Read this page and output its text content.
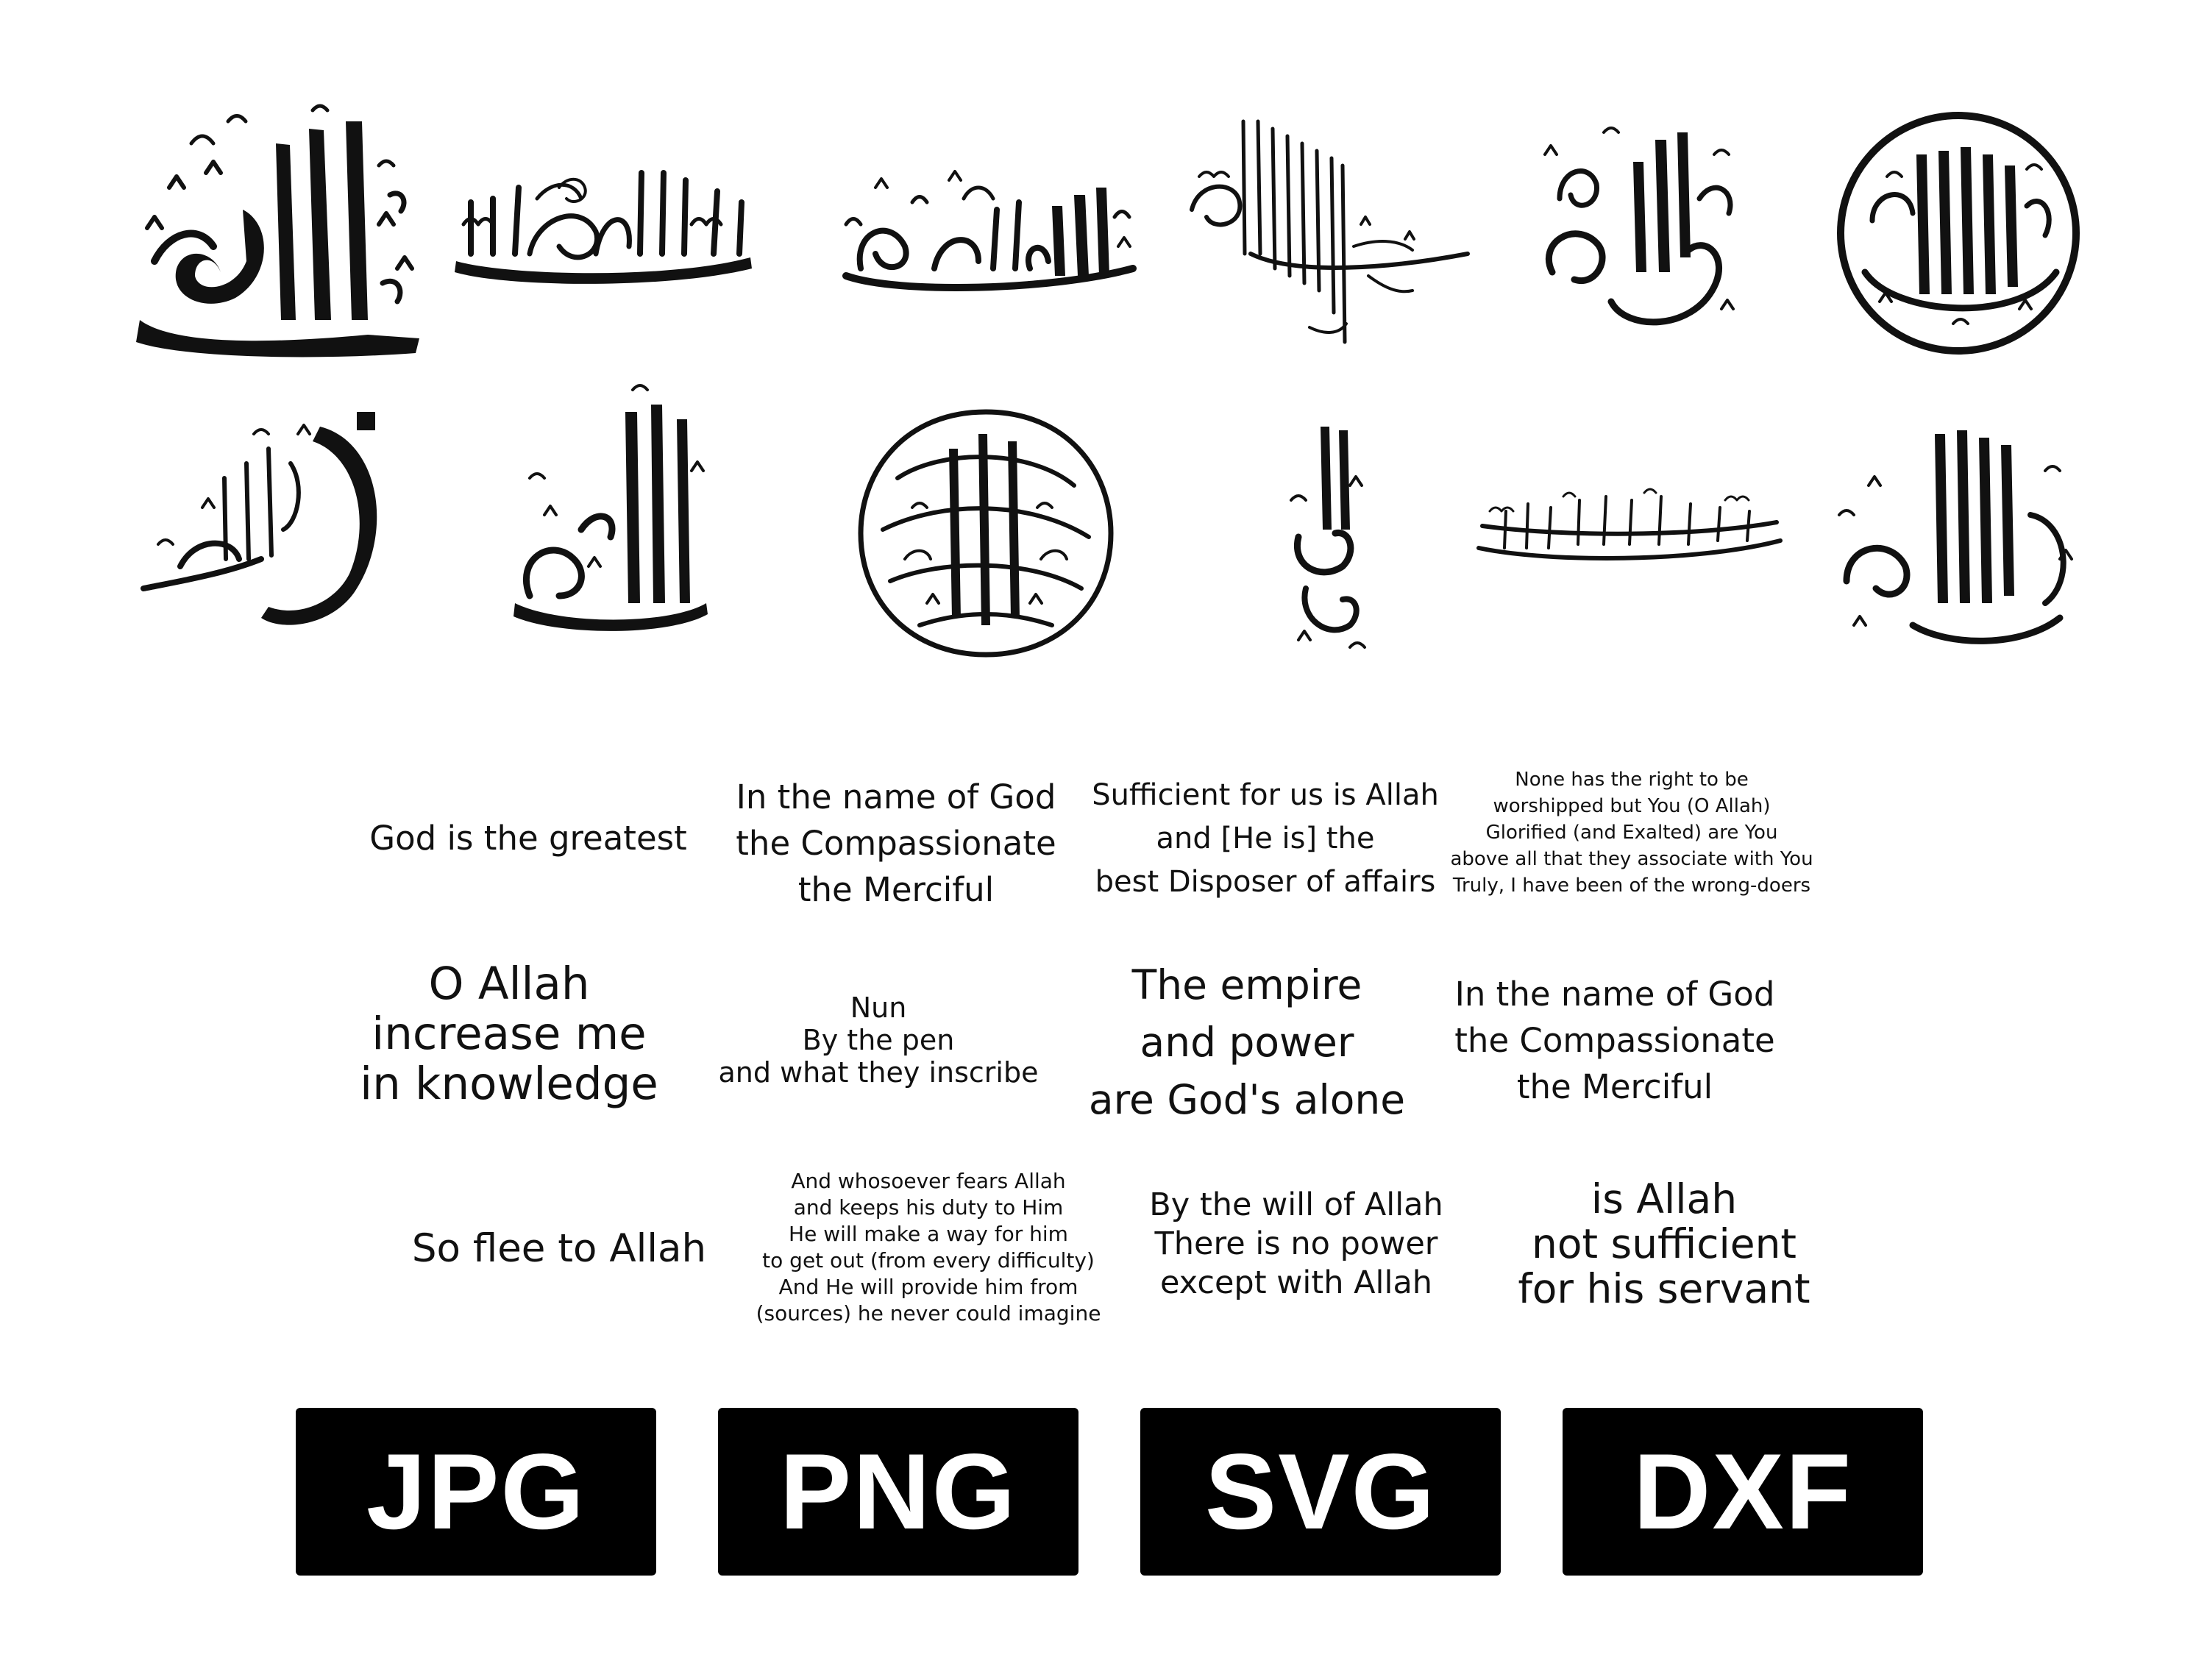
God is the greatest
In the name of God
the Compassionate
the Merciful
Sufficient for us is Allah
and [He is] the
best Disposer of affairs
None has the right to be
worshipped but You (O Allah)
Glorified (and Exalted) are You
above all that they associate with You
Truly, I have been of the wrong-doers
O Allah
increase me
in knowledge
Nun
By the pen
and what they inscribe
The empire
and power
are God's alone
In the name of God
the Compassionate
the Merciful
So flee to Allah
And whosoever fears Allah
and keeps his duty to Him
He will make a way for him
to get out (from every difficulty)
And He will provide him from
(sources) he never could imagine
By the will of Allah
There is no power
except with Allah
is Allah
not sufficient
for his servant
JPG PNG SVG DXF
